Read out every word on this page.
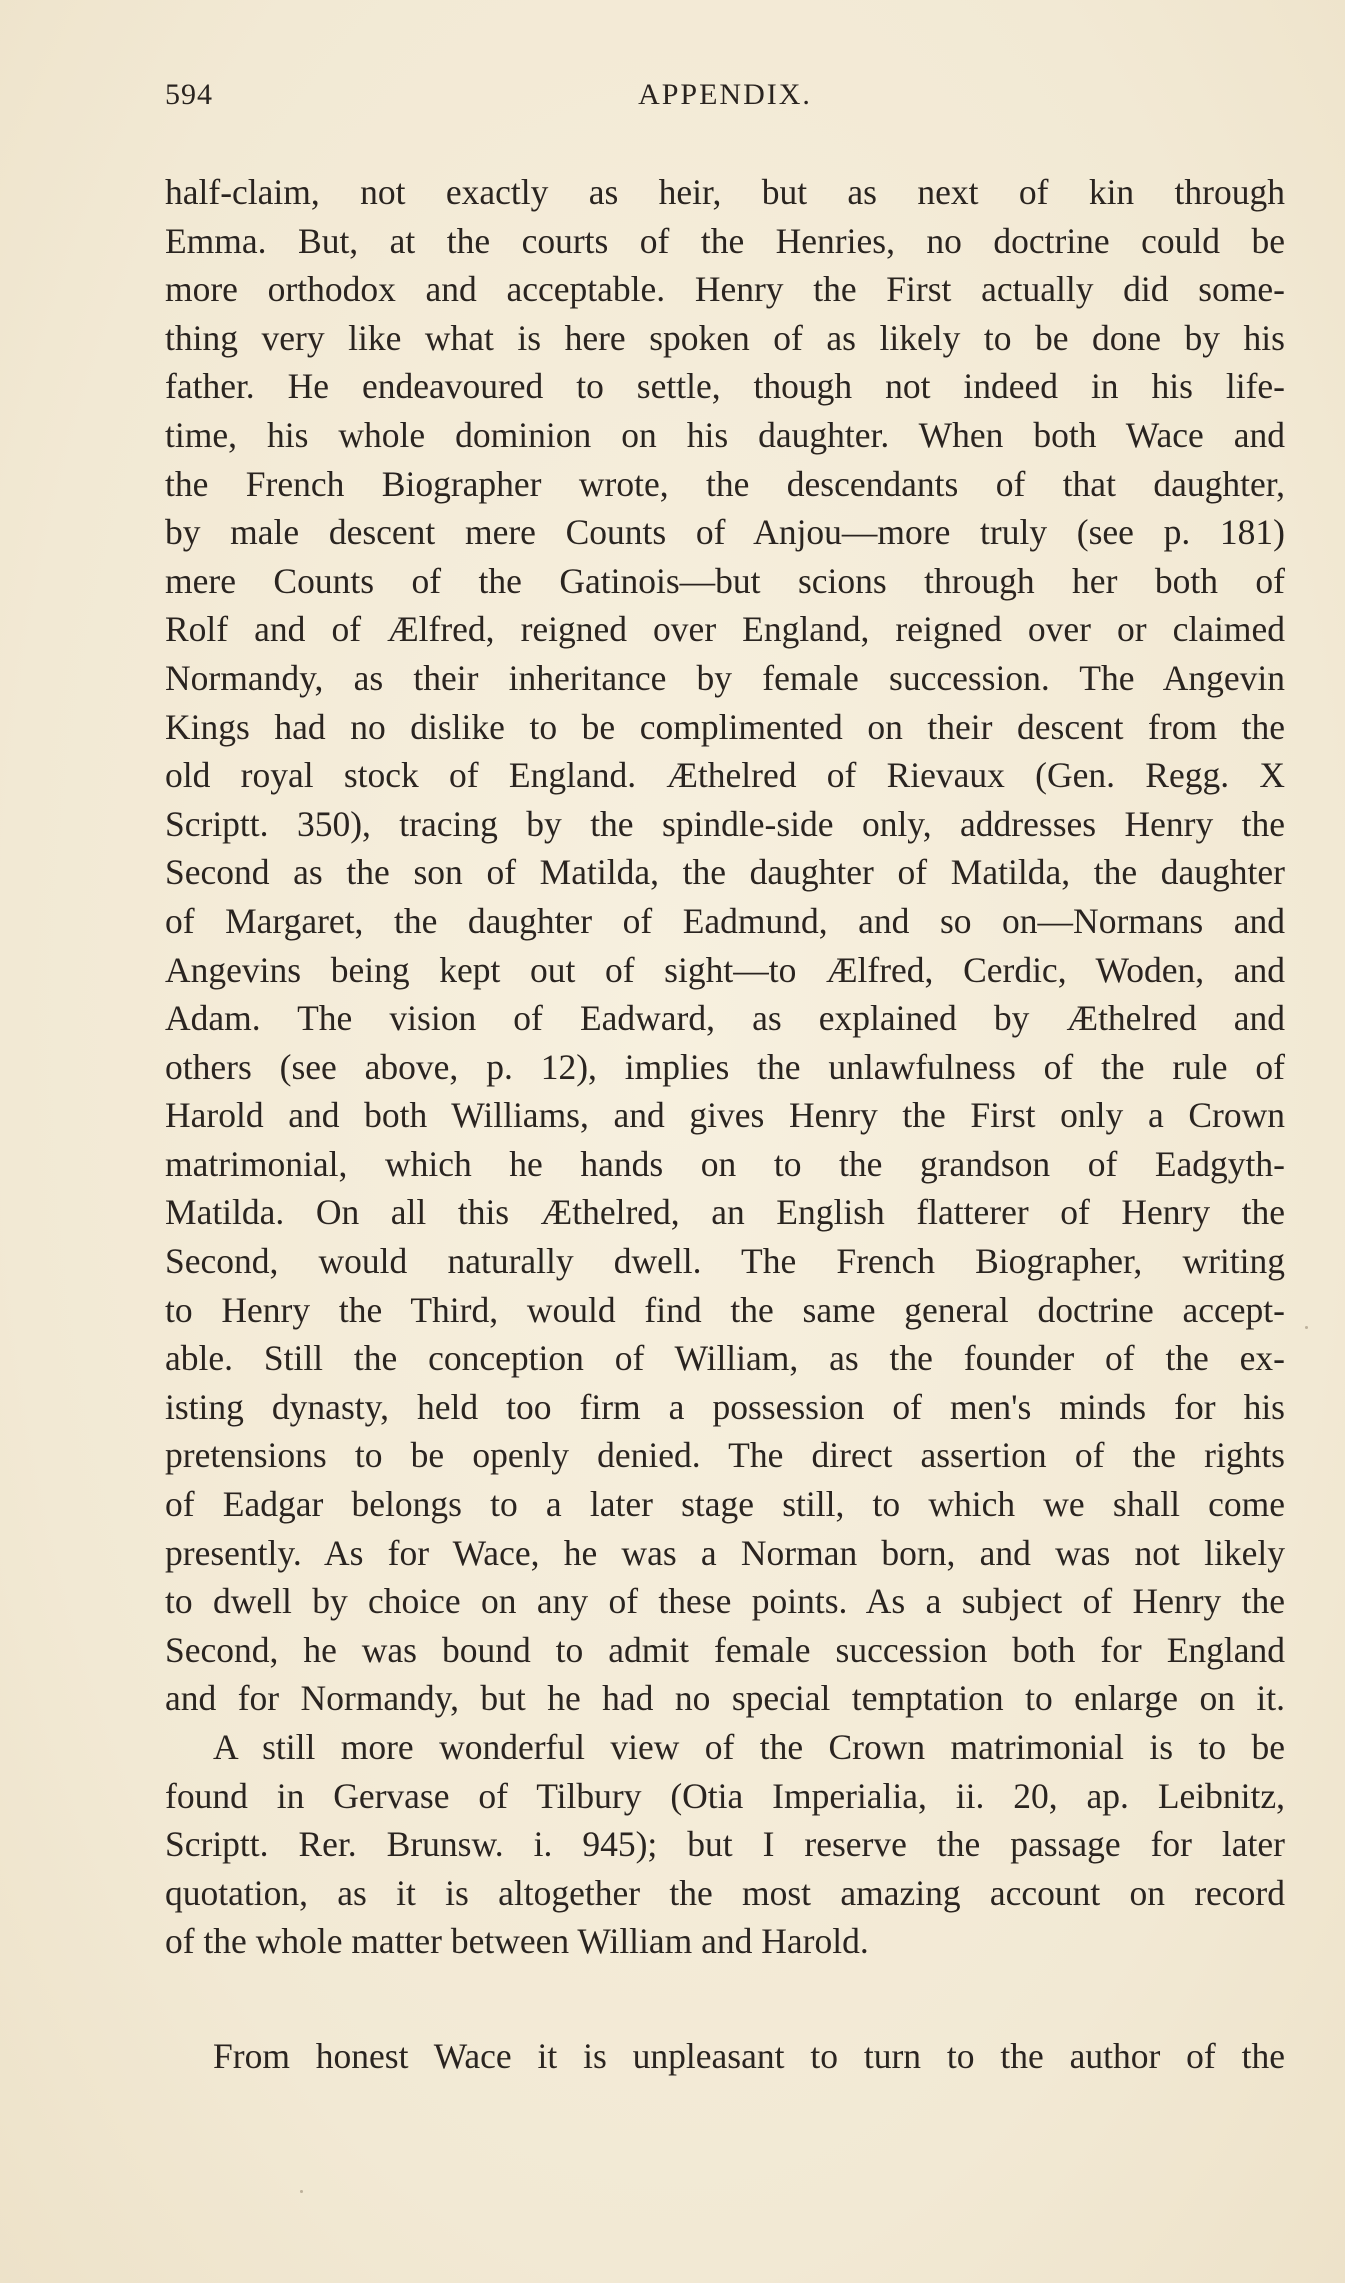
594	APPENDIX.
half-claim, not exactly as heir, but as next of kin through
Emma. But, at the courts of the Henries, no doctrine could be
more orthodox and acceptable. Henry the First actually did some-
thing very like what is here spoken of as likely to be done by his
father. He endeavoured to settle, though not indeed in his life-
time, his whole dominion on his daughter. When both Wace and
the French Biographer wrote, the descendants of that daughter,
by male descent mere Counts of Anjou—more truly (see p. 181)
mere Counts of the Gatinois—but scions through her both of
Rolf and of Ælfred, reigned over England, reigned over or claimed
Normandy, as their inheritance by female succession. The Angevin
Kings had no dislike to be complimented on their descent from the
old royal stock of England. Æthelred of Rievaux (Gen. Regg. X
Scriptt. 350), tracing by the spindle-side only, addresses Henry the
Second as the son of Matilda, the daughter of Matilda, the daughter
of Margaret, the daughter of Eadmund, and so on—Normans and
Angevins being kept out of sight—to Ælfred, Cerdic, Woden, and
Adam. The vision of Eadward, as explained by Æthelred and
others (see above, p. 12), implies the unlawfulness of the rule of
Harold and both Williams, and gives Henry the First only a Crown
matrimonial, which he hands on to the grandson of Eadgyth-
Matilda. On all this Æthelred, an English flatterer of Henry the
Second, would naturally dwell. The French Biographer, writing
to Henry the Third, would find the same general doctrine accept-
able. Still the conception of William, as the founder of the ex-
isting dynasty, held too firm a possession of men's minds for his
pretensions to be openly denied. The direct assertion of the rights
of Eadgar belongs to a later stage still, to which we shall come
presently. As for Wace, he was a Norman born, and was not likely
to dwell by choice on any of these points. As a subject of Henry the
Second, he was bound to admit female succession both for England
and for Normandy, but he had no special temptation to enlarge on it.
A still more wonderful view of the Crown matrimonial is to be
found in Gervase of Tilbury (Otia Imperialia, ii. 20, ap. Leibnitz,
Scriptt. Rer. Brunsw. i. 945); but I reserve the passage for later
quotation, as it is altogether the most amazing account on record
of the whole matter between William and Harold.
From honest Wace it is unpleasant to turn to the author of the
